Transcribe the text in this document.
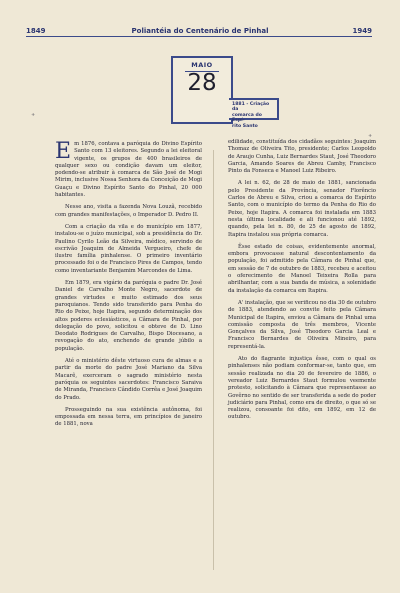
1849	Poliantéia do Centenário de Pinhal	1949
+
+
MAIO
28
1881 - Criação da
comarca do Espí-
rito Santo

Em 1876, contava a paróquia do Divino Espírito Santo com 13 eleitores. Segundo a lei eleitoral vigente, os grupos de 400 brasileiros de qualquer sexo ou condição davam um eleitor, podendo-se atribuir à comarca de São José de Mogi Mirim, inclusive Nossa Senhora da Conceição de Mogi Guaçu e Divino Espírito Santo do Pinhal, 20 000 habitantes.

Nesse ano, visita a fazenda Nova Louzã, recebido com grandes manifestações, o Imperador D. Pedro II.

Com a criação da vila e do município em 1877, instalou-se o juízo municipal, sob a presidência do Dr. Paulino Cyrilo Leão da Silveira, médico, servindo de escrivão Joaquim de Almeida Vergueiro, chefe de ilustre família pinhalense. O primeiro inventário processado foi o de Francisco Pires de Campos, tendo como inventariante Benjamim Marcondes de Lima.

Em 1879, era vigário da paróquia o padre Dr. José Daniel de Carvalho Monte Negro, sacerdote de grandes virtudes e muito estimado dos seus paroquianos. Tendo sido transferido para Penha do Rio do Peixe, hoje Itapira, segundo determinação dos altos poderes eclesiásticos, a Câmara de Pinhal, por delegação do povo, solicitou e obteve de D. Lino Deodato Rodrigues de Carvalho, Bispo Diocesano, a revogação do ato, enchendo de grande júbilo a população.

Até o ministério dêste virtuoso cura de almas e a partir da morte do padre José Mariano da Silva Macarê, exerceram o sagrado ministério nesta paróquia os seguintes sacerdotes: Francisco Saraiva de Miranda, Francisco Cândido Corrêa e José Joaquim do Prado.

Prosseguindo na sua existência autônoma, foi empossada em nessa terra, em princípios de janeiro de 1881, nova

edilidade, constituída dos cidadãos seguintes: Joaquim Thomaz de Oliveira Tito, presidente; Carlos Leopoldo de Araujo Cunha, Luiz Bernardes Staut, José Theodoro Garcia, Amando Soares de Abreu Camby, Francisco Pinto da Fonseca e Manoel Luiz Ribeiro.

A lei n. 62, de 28 de maio de 1881, sancionada pelo Presidente da Província, senador Florêncio Carlos de Abreu e Silva, criou a comarca do Espírito Santo, com o município do termo da Penha do Rio do Peixe, hoje Itapira. A comarca foi instalada em 1883 nesta última localidade e ali funcionou até 1892, quando, pela lei n. 80, de 25 de agosto de 1892, Itapira instalou sua própria comarca.

Êsse estado de coisas, evidentemente anormal, embora provocasse natural descontentamento da população, foi admitido pela Câmara de Pinhal que, em sessão de 7 de outubro de 1883, recebeu e aceitou o oferecimento de Manoel Teixeira Rolla para abrilhantar, com a sua banda de música, a solenidade da instalação da comarca em Itapira.

A' instalação, que se verificou no dia 30 de outubro de 1883, atendendo ao convite feito pela Câmara Municipal de Itapira, enviou a Câmara de Pinhal uma comissão composta de três membros, Vicente Gonçalves da Silva, José Theodoro Garcia Leal e Francisco Bernardes de Oliveira Mineiro, para representá-la.

Ato do flagrante injustiça êsse, com o qual os pinhalenses não podiam conformar-se, tanto que, em sessão realizada no dia 20 de fevereiro de 1886, o vereador Luiz Bernardes Staut formulou veemente protesto, solicitando à Câmara que representasse ao Govêrno no sentido de ser transferida a sede do poder judiciário para Pinhal, como era de direito, o que só se realizou, consoante foi dito, em 1892, em 12 de outubro.
